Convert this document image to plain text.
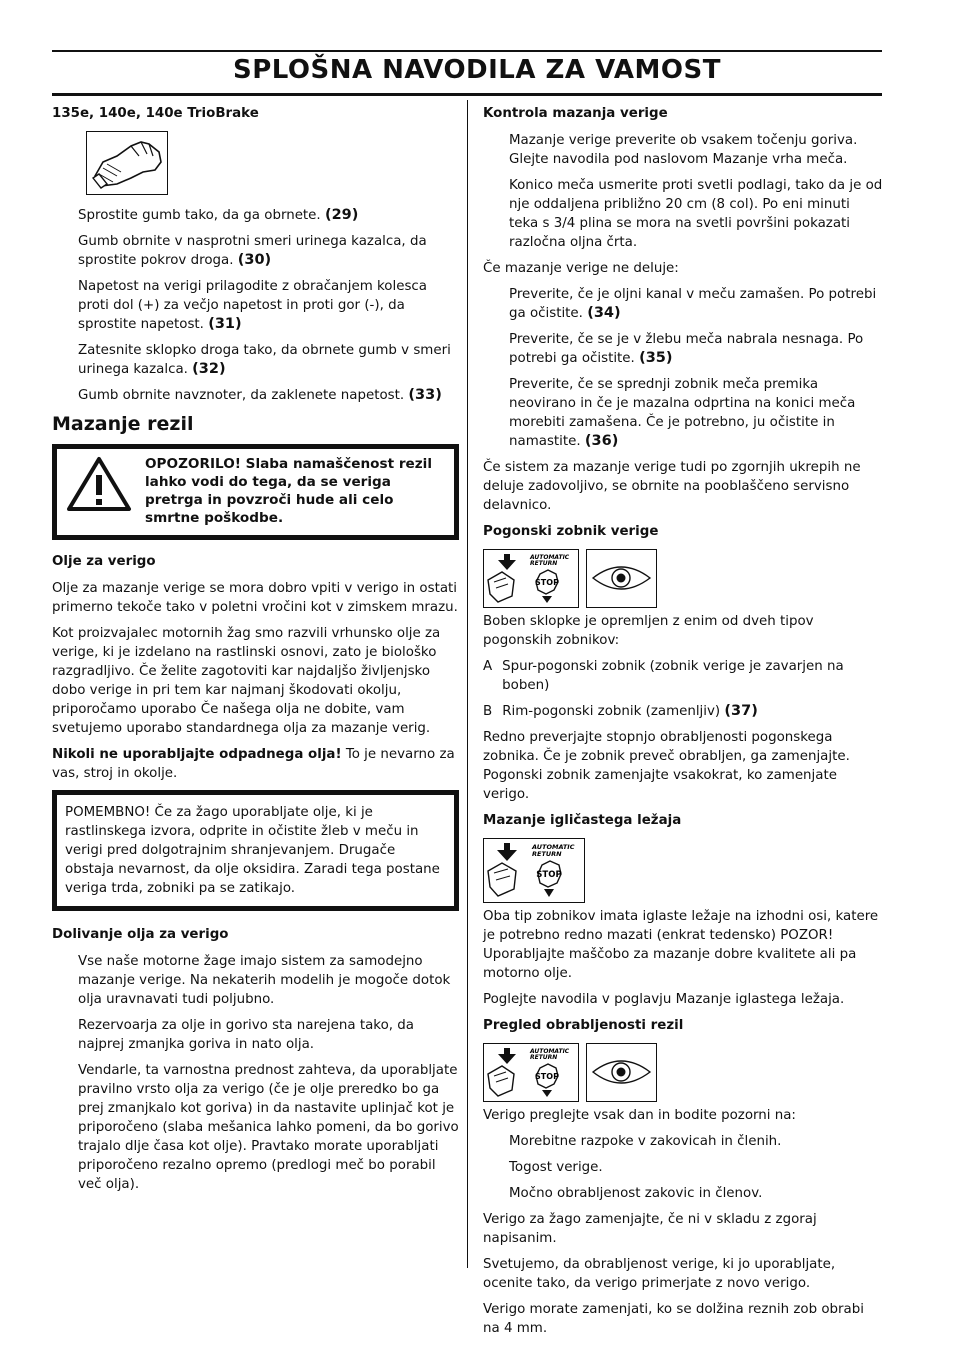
SPLOŠNA NAVODILA ZA VAMOST
135e, 140e, 140e TrioBrake

Sprostite gumb tako, da ga obrnete. (29)

Gumb obrnite v nasprotni smeri urinega kazalca, da sprostite pokrov droga. (30)

Napetost na verigi prilagodite z obračanjem kolesca proti dol (+) za večjo napetost in proti gor (-), da sprostite napetost. (31)

Zatesnite sklopko droga tako, da obrnete gumb v smeri urinega kazalca. (32)

Gumb obrnite navznoter, da zaklenete napetost. (33)

Mazanje rezil
OPOZORILO! Slaba namaščenost rezil lahko vodi do tega, da se veriga pretrga in povzroči hude ali celo smrtne poškodbe.
Olje za verigo

Olje za mazanje verige se mora dobro vpiti v verigo in ostati primerno tekoče tako v poletni vročini kot v zimskem mrazu.

Kot proizvajalec motornih žag smo razvili vrhunsko olje za verige, ki je izdelano na rastlinski osnovi, zato je biološko razgradljivo. Če želite zagotoviti kar najdaljšo življenjsko dobo verige in pri tem kar najmanj škodovati okolju, priporočamo uporabo Če našega olja ne dobite, vam svetujemo uporabo standardnega olja za mazanje verig.

Nikoli ne uporabljajte odpadnega olja! To je nevarno za vas, stroj in okolje.

POMEMBNO! Če za žago uporabljate olje, ki je rastlinskega izvora, odprite in očistite žleb v meču in verigi pred dolgotrajnim shranjevanjem. Drugače obstaja nevarnost, da olje oksidira. Zaradi tega postane veriga trda, zobniki pa se zatikajo.
Dolivanje olja za verigo

Vse naše motorne žage imajo sistem za samodejno mazanje verige. Na nekaterih modelih je mogoče dotok olja uravnavati tudi poljubno.

Rezervoarja za olje in gorivo sta narejena tako, da najprej zmanjka goriva in nato olja.

Vendarle, ta varnostna prednost zahteva, da uporabljate pravilno vrsto olja za verigo (če je olje preredko bo ga prej zmanjkalo kot goriva) in da nastavite uplinjač kot je priporočeno (slaba mešanica lahko pomeni, da bo gorivo trajalo dlje časa kot olje). Pravtako morate uporabljati priporočeno rezalno opremo (predlogi meč bo porabil več olja).

Kontrola mazanja verige

Mazanje verige preverite ob vsakem točenju goriva. Glejte navodila pod naslovom Mazanje vrha meča.

Konico meča usmerite proti svetli podlagi, tako da je od nje oddaljena približno 20 cm (8 col). Po eni minuti teka s 3/4 plina se mora na svetli površini pokazati razločna oljna črta.

Če mazanje verige ne deluje:

Preverite, če je oljni kanal v meču zamašen. Po potrebi ga očistite. (34)

Preverite, če se je v žlebu meča nabrala nesnaga. Po potrebi ga očistite. (35)

Preverite, če se sprednji zobnik meča premika neovirano in če je mazalna odprtina na konici meča morebiti zamašena. Če je potrebno, ju očistite in namastite. (36)

Če sistem za mazanje verige tudi po zgornjih ukrepih ne deluje zadovoljivo, se obrnite na pooblaščeno servisno delavnico.

Pogonski zobnik verige
AUTOMATIC
RETURN
STOP

Boben sklopke je opremljen z enim od dveh tipov pogonskih zobnikov:

A Spur-pogonski zobnik (zobnik verige je zavarjen na boben)
B Rim-pogonski zobnik (zamenljiv) (37)

Redno preverjajte stopnjo obrabljenosti pogonskega zobnika. Če je zobnik preveč obrabljen, ga zamenjajte. Pogonski zobnik zamenjajte vsakokrat, ko zamenjate verigo.

Mazanje igličastega ležaja
AUTOMATIC
RETURN
STOP

Oba tip zobnikov imata iglaste ležaje na izhodni osi, katere je potrebno redno mazati (enkrat tedensko) POZOR! Uporabljajte maščobo za mazanje dobre kvalitete ali pa motorno olje.

Poglejte navodila v poglavju Mazanje iglastega ležaja.

Pregled obrabljenosti rezil
AUTOMATIC
RETURN
STOP

Verigo preglejte vsak dan in bodite pozorni na:

Morebitne razpoke v zakovicah in členih.

Togost verige.

Močno obrabljenost zakovic in členov.

Verigo za žago zamenjajte, če ni v skladu z zgoraj napisanim.

Svetujemo, da obrabljenost verige, ki jo uporabljate, ocenite tako, da verigo primerjate z novo verigo.

Verigo morate zamenjati, ko se dolžina reznih zob obrabi na 4 mm.
